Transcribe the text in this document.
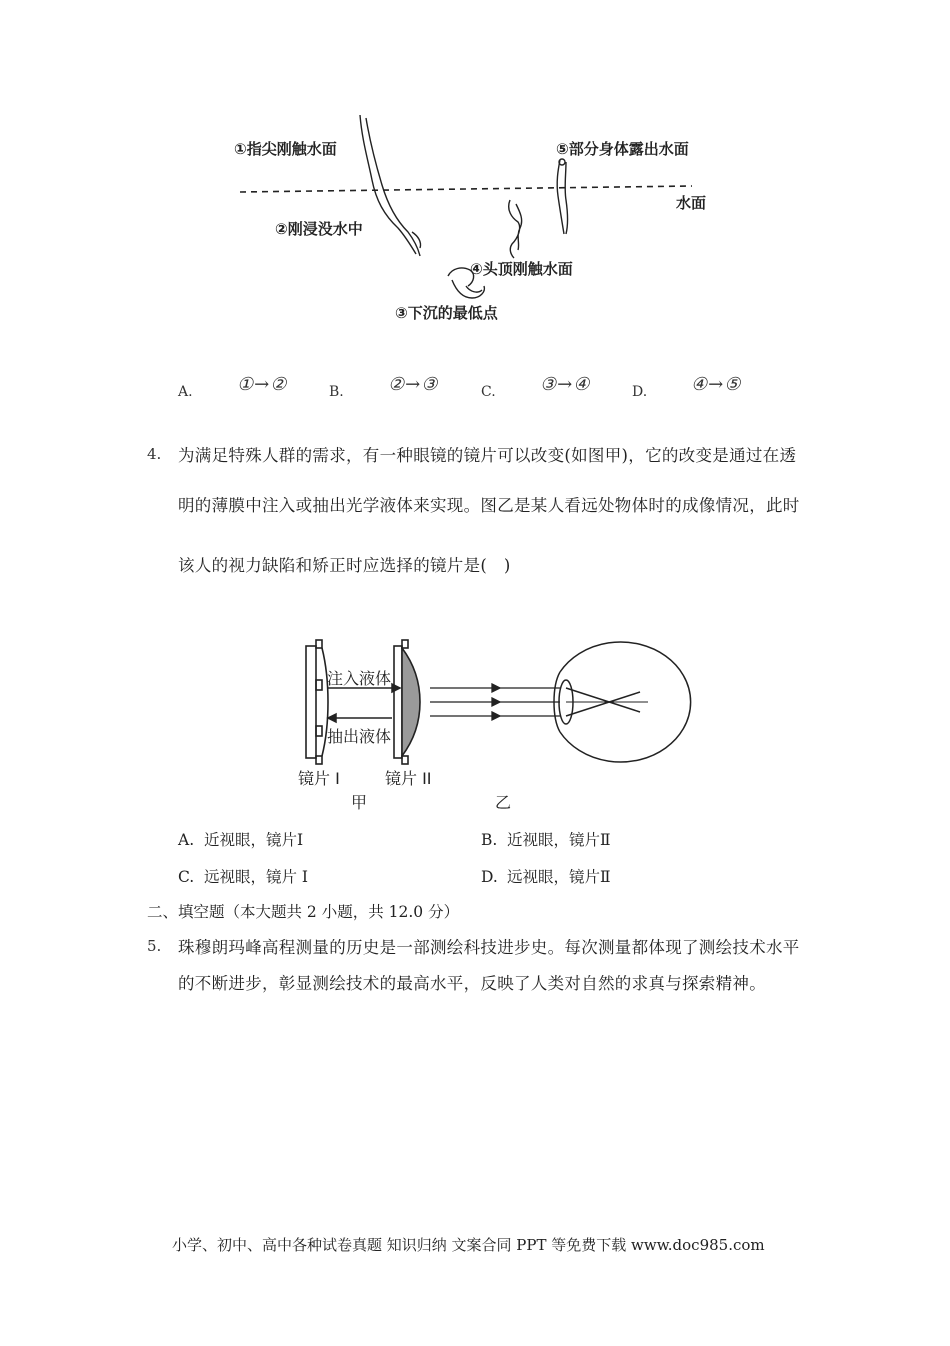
①指尖刚触水面
②刚浸没水中
③下沉的最低点
④头顶刚触水面
⑤部分身体露出水面
水面
A. ①→②	B. ②→③	C. ③→④	D. ④→⑤
4. 为满足特殊人群的需求，有一种眼镜的镜片可以改变(如图甲)，它的改变是通过在透
明的薄膜中注入或抽出光学液体来实现。图乙是某人看远处物体时的成像情况，此时
该人的视力缺陷和矫正时应选择的镜片是(　)
注入液体
抽出液体
镜片 I	镜片 II
甲	乙
A. 近视眼，镜片Ⅰ	B. 近视眼，镜片Ⅱ
C. 远视眼，镜片 I	D. 远视眼，镜片Ⅱ
二、填空题（本大题共 2 小题，共 12.0 分）
5. 珠穆朗玛峰高程测量的历史是一部测绘科技进步史。每次测量都体现了测绘技术水平
的不断进步，彰显测绘技术的最高水平，反映了人类对自然的求真与探索精神。
小学、初中、高中各种试卷真题 知识归纳 文案合同 PPT 等免费下载 www.doc985.com
